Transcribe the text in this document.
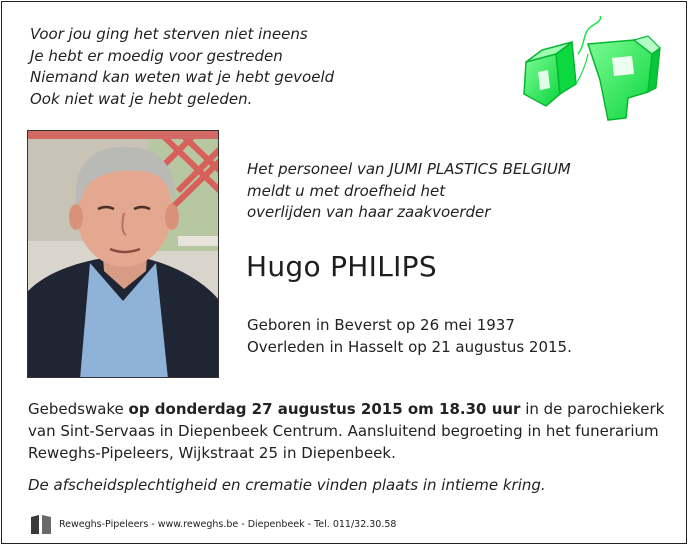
Voor jou ging het sterven niet ineens
Je hebt er moedig voor gestreden
Niemand kan weten wat je hebt gevoeld
Ook niet wat je hebt geleden.
Het personeel van JUMI PLASTICS BELGIUM
meldt u met droefheid het
overlijden van haar zaakvoerder
Hugo PHILIPS
Geboren in Beverst op 26 mei 1937
Overleden in Hasselt op 21 augustus 2015.
Gebedswake op donderdag 27 augustus 2015 om 18.30 uur in de parochiekerk
van Sint-Servaas in Diepenbeek Centrum. Aansluitend begroeting in het funerarium
Reweghs-Pipeleers, Wijkstraat 25 in Diepenbeek.
De afscheidsplechtigheid en crematie vinden plaats in intieme kring.
Reweghs-Pipeleers - www.reweghs.be - Diepenbeek - Tel. 011/32.30.58
